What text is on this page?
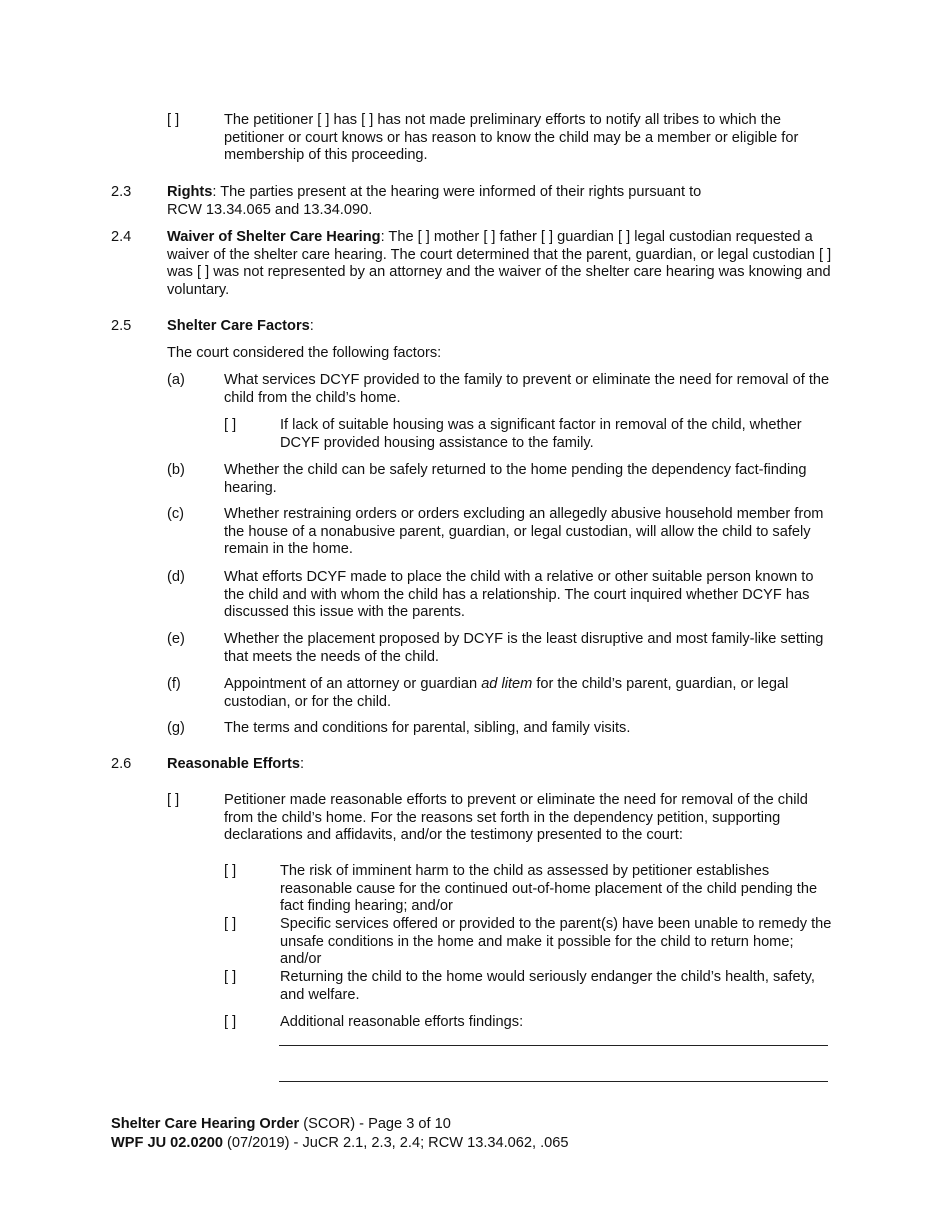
[ ]	The petitioner [ ] has [ ] has not made preliminary efforts to notify all tribes to which the petitioner or court knows or has reason to know the child may be a member or eligible for membership of this proceeding.
2.3	Rights: The parties present at the hearing were informed of their rights pursuant to
RCW 13.34.065 and 13.34.090.
2.4	Waiver of Shelter Care Hearing: The [ ] mother [ ] father [ ] guardian [ ] legal custodian requested a waiver of the shelter care hearing. The court determined that the parent, guardian, or legal custodian [ ] was [ ] was not represented by an attorney and the waiver of the shelter care hearing was knowing and voluntary.
2.5	Shelter Care Factors:
The court considered the following factors:
(a)	What services DCYF provided to the family to prevent or eliminate the need for removal of the child from the child’s home.
[ ]	If lack of suitable housing was a significant factor in removal of the child, whether DCYF provided housing assistance to the family.
(b)	Whether the child can be safely returned to the home pending the dependency fact-finding hearing.
(c)	Whether restraining orders or orders excluding an allegedly abusive household member from the house of a nonabusive parent, guardian, or legal custodian, will allow the child to safely remain in the home.
(d)	What efforts DCYF made to place the child with a relative or other suitable person known to the child and with whom the child has a relationship. The court inquired whether DCYF has discussed this issue with the parents.
(e)	Whether the placement proposed by DCYF is the least disruptive and most family-like setting that meets the needs of the child.
(f)	Appointment of an attorney or guardian ad litem for the child’s parent, guardian, or legal custodian, or for the child.
(g)	The terms and conditions for parental, sibling, and family visits.
2.6	Reasonable Efforts:
[ ]	Petitioner made reasonable efforts to prevent or eliminate the need for removal of the child from the child’s home. For the reasons set forth in the dependency petition, supporting declarations and affidavits, and/or the testimony presented to the court:
[ ]	The risk of imminent harm to the child as assessed by petitioner establishes reasonable cause for the continued out-of-home placement of the child pending the fact finding hearing; and/or
[ ]	Specific services offered or provided to the parent(s) have been unable to remedy the unsafe conditions in the home and make it possible for the child to return home; and/or
[ ]	Returning the child to the home would seriously endanger the child’s health, safety, and welfare.
[ ]	Additional reasonable efforts findings:
Shelter Care Hearing Order (SCOR) - Page 3 of 10
WPF JU 02.0200 (07/2019) - JuCR 2.1, 2.3, 2.4; RCW 13.34.062, .065
